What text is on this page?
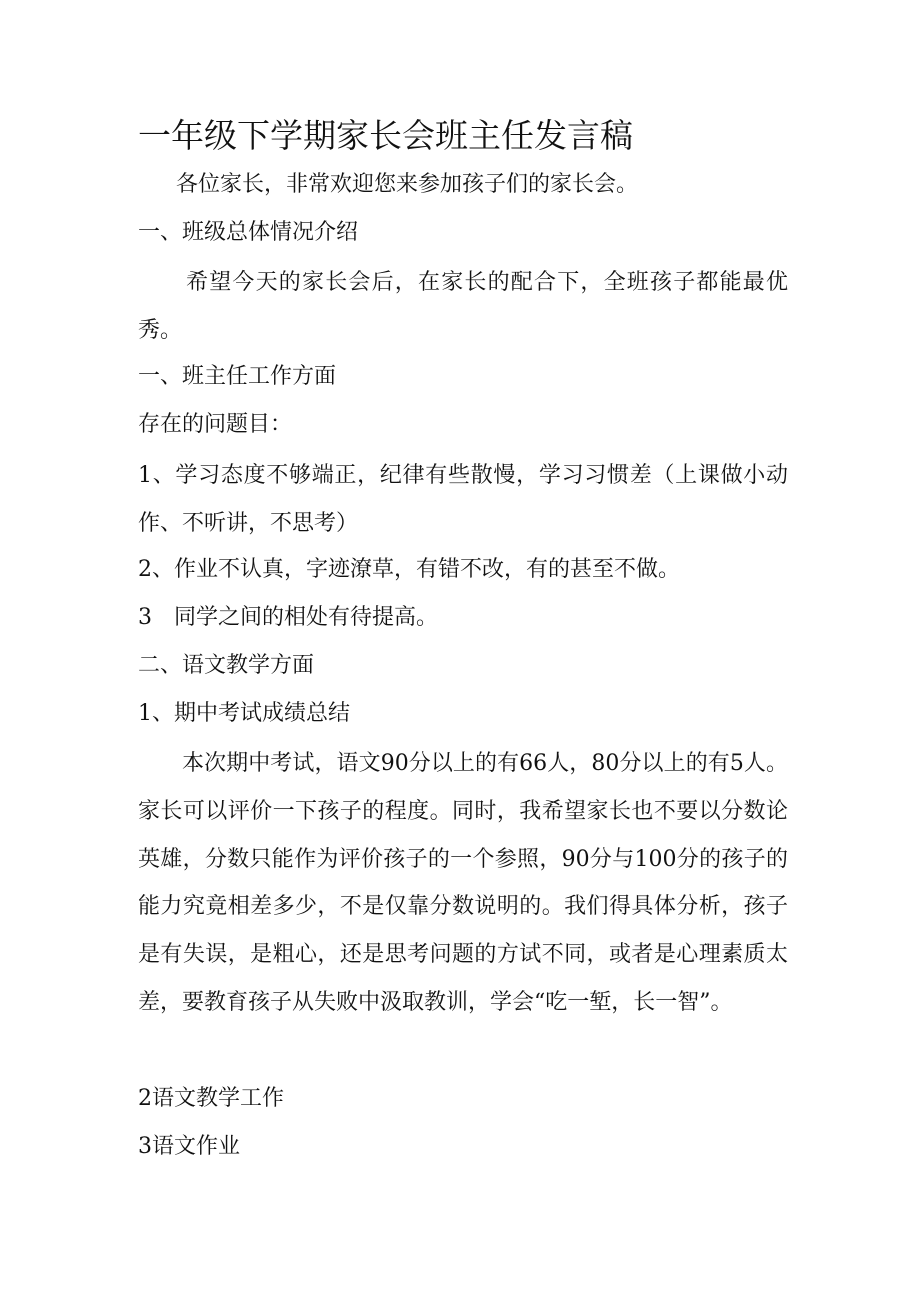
一年级下学期家长会班主任发言稿
各位家长，非常欢迎您来参加孩子们的家长会。
一、班级总体情况介绍
希望今天的家长会后，在家长的配合下，全班孩子都能最优秀。
一、班主任工作方面
存在的问题目：
1、学习态度不够端正，纪律有些散慢，学习习惯差（上课做小动作、不听讲，不思考）
2、作业不认真，字迹潦草，有错不改，有的甚至不做。
3　同学之间的相处有待提高。
二、语文教学方面
1、期中考试成绩总结
本次期中考试，语文90分以上的有66人，80分以上的有5人。家长可以评价一下孩子的程度。同时，我希望家长也不要以分数论英雄，分数只能作为评价孩子的一个参照，90分与100分的孩子的能力究竟相差多少，不是仅靠分数说明的。我们得具体分析，孩子是有失误，是粗心，还是思考问题的方试不同，或者是心理素质太差，要教育孩子从失败中汲取教训，学会“吃一堑，长一智”。
2语文教学工作
3语文作业
